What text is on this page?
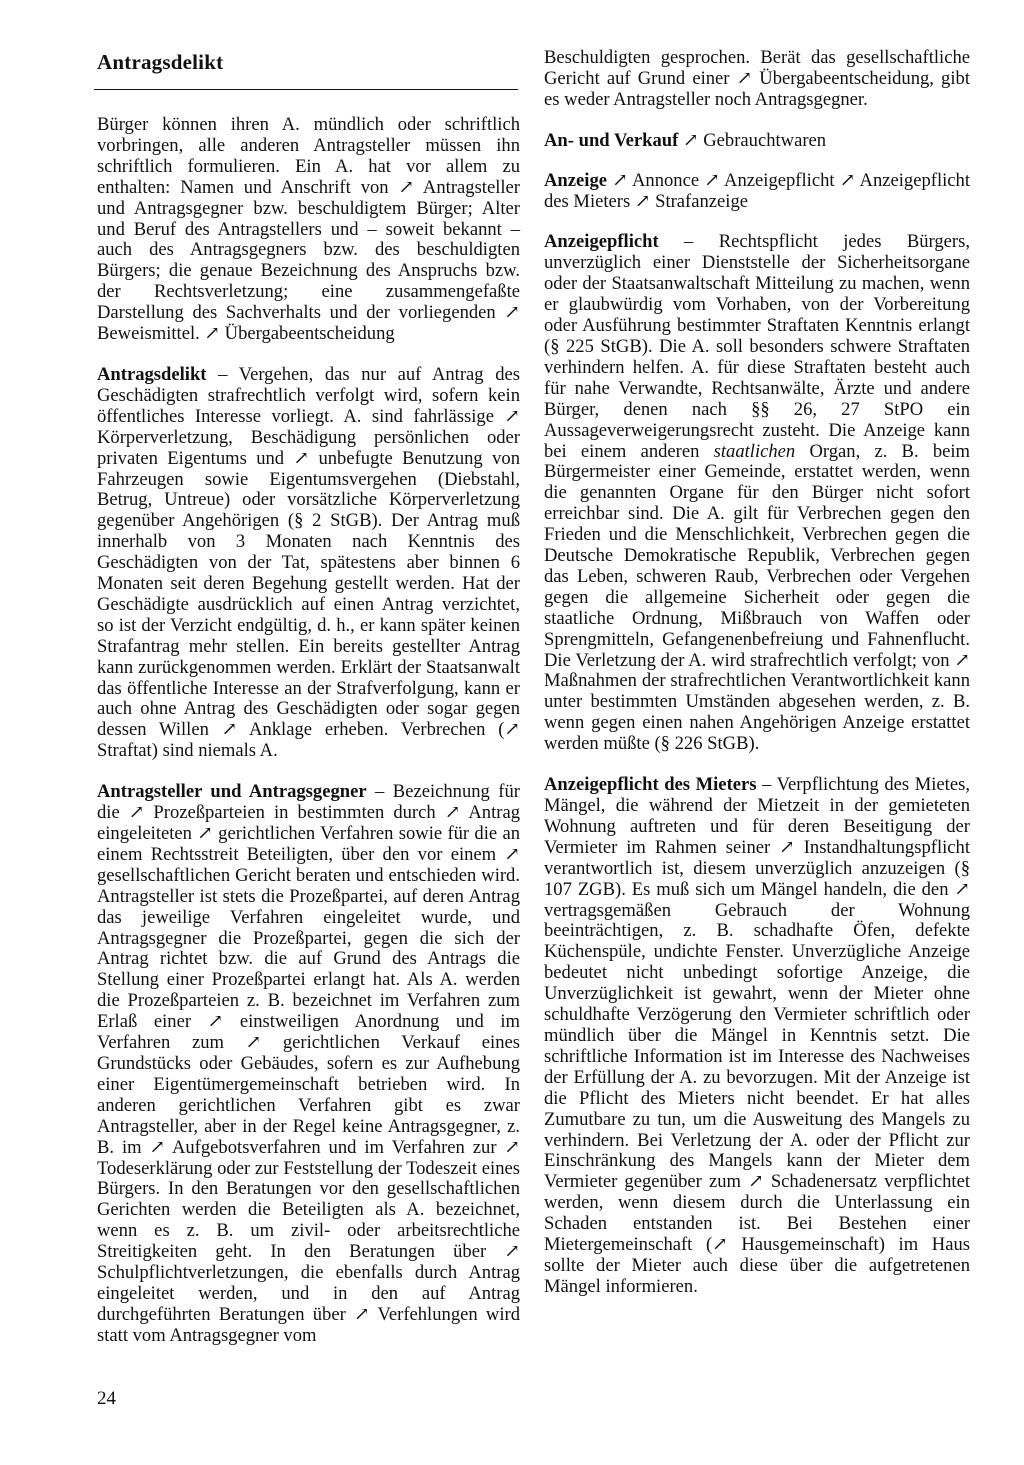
Antragsdelikt

Bürger können ihren A. mündlich oder schriftlich vorbringen, alle anderen Antragsteller müssen ihn schriftlich formulieren. Ein A. hat vor allem zu enthalten: Namen und Anschrift von ↗ Antragsteller und Antragsgegner bzw. beschuldigtem Bürger; Alter und Beruf des Antragstellers und – soweit bekannt – auch des Antragsgegners bzw. des beschuldigten Bürgers; die genaue Bezeichnung des Anspruchs bzw. der Rechtsverletzung; eine zusammengefaßte Darstellung des Sachverhalts und der vorliegenden ↗ Beweismittel. ↗ Übergabeentscheidung

Antragsdelikt – Vergehen, das nur auf Antrag des Geschädigten strafrechtlich verfolgt wird, sofern kein öffentliches Interesse vorliegt. A. sind fahrlässige ↗ Körperverletzung, Beschädigung persönlichen oder privaten Eigentums und ↗ unbefugte Benutzung von Fahrzeugen sowie Eigentumsvergehen (Diebstahl, Betrug, Untreue) oder vorsätzliche Körperverletzung gegenüber Angehörigen (§ 2 StGB). Der Antrag muß innerhalb von 3 Monaten nach Kenntnis des Geschädigten von der Tat, spätestens aber binnen 6 Monaten seit deren Begehung gestellt werden. Hat der Geschädigte ausdrücklich auf einen Antrag verzichtet, so ist der Verzicht endgültig, d. h., er kann später keinen Strafantrag mehr stellen. Ein bereits gestellter Antrag kann zurückgenommen werden. Erklärt der Staatsanwalt das öffentliche Interesse an der Strafverfolgung, kann er auch ohne Antrag des Geschädigten oder sogar gegen dessen Willen ↗ Anklage erheben. Verbrechen (↗ Straftat) sind niemals A.

Antragsteller und Antragsgegner – Bezeichnung für die ↗ Prozeßparteien in bestimmten durch ↗ Antrag eingeleiteten ↗ gerichtlichen Verfahren sowie für die an einem Rechtsstreit Beteiligten, über den vor einem ↗ gesellschaftlichen Gericht beraten und entschieden wird. Antragsteller ist stets die Prozeßpartei, auf deren Antrag das jeweilige Verfahren eingeleitet wurde, und Antragsgegner die Prozeßpartei, gegen die sich der Antrag richtet bzw. die auf Grund des Antrags die Stellung einer Prozeßpartei erlangt hat. Als A. werden die Prozeßparteien z. B. bezeichnet im Verfahren zum Erlaß einer ↗ einstweiligen Anordnung und im Verfahren zum ↗ gerichtlichen Verkauf eines Grundstücks oder Gebäudes, sofern es zur Aufhebung einer Eigentümergemeinschaft betrieben wird. In anderen gerichtlichen Verfahren gibt es zwar Antragsteller, aber in der Regel keine Antragsgegner, z. B. im ↗ Aufgebotsverfahren und im Verfahren zur ↗ Todeserklärung oder zur Feststellung der Todeszeit eines Bürgers. In den Beratungen vor den gesellschaftlichen Gerichten werden die Beteiligten als A. bezeichnet, wenn es z. B. um zivil- oder arbeitsrechtliche Streitigkeiten geht. In den Beratungen über ↗ Schulpflichtverletzungen, die ebenfalls durch Antrag eingeleitet werden, und in den auf Antrag durchgeführten Beratungen über ↗ Verfehlungen wird statt vom Antragsgegner vom

Beschuldigten gesprochen. Berät das gesellschaftliche Gericht auf Grund einer ↗ Übergabeentscheidung, gibt es weder Antragsteller noch Antragsgegner.

An- und Verkauf ↗ Gebrauchtwaren

Anzeige ↗ Annonce ↗ Anzeigepflicht ↗ Anzeigepflicht des Mieters ↗ Strafanzeige

Anzeigepflicht – Rechtspflicht jedes Bürgers, unverzüglich einer Dienststelle der Sicherheitsorgane oder der Staatsanwaltschaft Mitteilung zu machen, wenn er glaubwürdig vom Vorhaben, von der Vorbereitung oder Ausführung bestimmter Straftaten Kenntnis erlangt (§ 225 StGB). Die A. soll besonders schwere Straftaten verhindern helfen. A. für diese Straftaten besteht auch für nahe Verwandte, Rechtsanwälte, Ärzte und andere Bürger, denen nach §§ 26, 27 StPO ein Aussageverweigerungsrecht zusteht. Die Anzeige kann bei einem anderen staatlichen Organ, z. B. beim Bürgermeister einer Gemeinde, erstattet werden, wenn die genannten Organe für den Bürger nicht sofort erreichbar sind. Die A. gilt für Verbrechen gegen den Frieden und die Menschlichkeit, Verbrechen gegen die Deutsche Demokratische Republik, Verbrechen gegen das Leben, schweren Raub, Verbrechen oder Vergehen gegen die allgemeine Sicherheit oder gegen die staatliche Ordnung, Mißbrauch von Waffen oder Sprengmitteln, Gefangenenbefreiung und Fahnenflucht. Die Verletzung der A. wird strafrechtlich verfolgt; von ↗ Maßnahmen der strafrechtlichen Verantwortlichkeit kann unter bestimmten Umständen abgesehen werden, z. B. wenn gegen einen nahen Angehörigen Anzeige erstattet werden müßte (§ 226 StGB).

Anzeigepflicht des Mieters – Verpflichtung des Mietes, Mängel, die während der Mietzeit in der gemieteten Wohnung auftreten und für deren Beseitigung der Vermieter im Rahmen seiner ↗ Instandhaltungspflicht verantwortlich ist, diesem unverzüglich anzuzeigen (§ 107 ZGB). Es muß sich um Mängel handeln, die den ↗ vertragsgemäßen Gebrauch der Wohnung beeinträchtigen, z. B. schadhafte Öfen, defekte Küchenspüle, undichte Fenster. Unverzügliche Anzeige bedeutet nicht unbedingt sofortige Anzeige, die Unverzüglichkeit ist gewahrt, wenn der Mieter ohne schuldhafte Verzögerung den Vermieter schriftlich oder mündlich über die Mängel in Kenntnis setzt. Die schriftliche Information ist im Interesse des Nachweises der Erfüllung der A. zu bevorzugen. Mit der Anzeige ist die Pflicht des Mieters nicht beendet. Er hat alles Zumutbare zu tun, um die Ausweitung des Mangels zu verhindern. Bei Verletzung der A. oder der Pflicht zur Einschränkung des Mangels kann der Mieter dem Vermieter gegenüber zum ↗ Schadenersatz verpflichtet werden, wenn diesem durch die Unterlassung ein Schaden entstanden ist. Bei Bestehen einer Mietergemeinschaft (↗ Hausgemeinschaft) im Haus sollte der Mieter auch diese über die aufgetretenen Mängel informieren.

24
